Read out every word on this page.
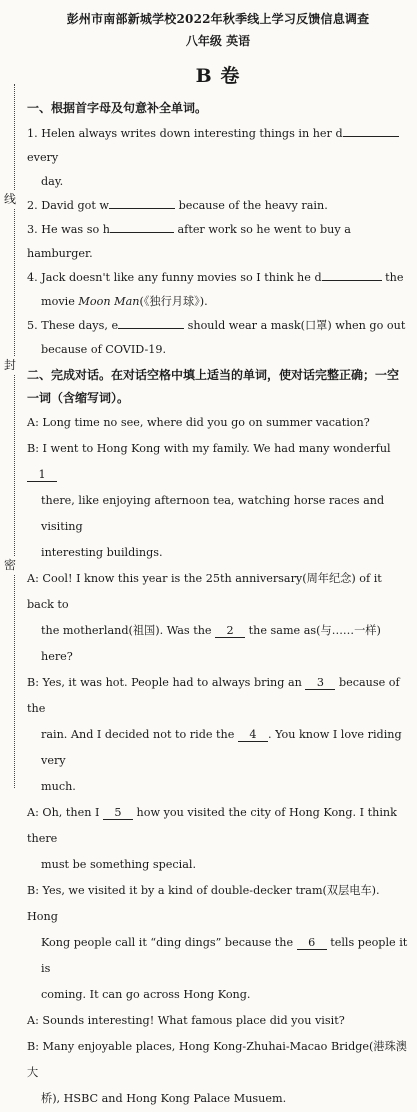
线
封
密
彭州市南部新城学校2022年秋季线上学习反馈信息调查
八年级 英语
B 卷
一、根据首字母及句意补全单词。
1. Helen always writes down interesting things in her d every
day.
2. David got w	because of the heavy rain.
3. He was so h	after work so he went to buy a hamburger.
4. Jack doesn't like any funny movies so I think he d	the
movie Moon Man(《独行月球》).
5. These days, e	should wear a mask(口罩) when go out
because of COVID-19.
二、完成对话。在对话空格中填上适当的单词，使对话完整正确；一空
一词（含缩写词）。
A: Long time no see, where did you go on summer vacation?
B: I went to Hong Kong with my family. We had many wonderful 1
there, like enjoying afternoon tea, watching horse races and visiting
interesting buildings.
A: Cool! I know this year is the 25th anniversary(周年纪念) of it back to
the motherland(祖国). Was the 2 the same as(与……一样) here?
B: Yes, it was hot. People had to always bring an 3 because of the
rain. And I decided not to ride the 4 . You know I love riding very
much.
A: Oh, then I 5 how you visited the city of Hong Kong. I think there
must be something special.
B: Yes, we visited it by a kind of double-decker tram(双层电车). Hong
Kong people call it “ding dings” because the 6 tells people it is
coming. It can go across Hong Kong.
A: Sounds interesting! What famous place did you visit?
B: Many enjoyable places, Hong Kong-Zhuhai-Macao Bridge(港珠澳大
桥), HSBC and Hong Kong Palace Musuem.
